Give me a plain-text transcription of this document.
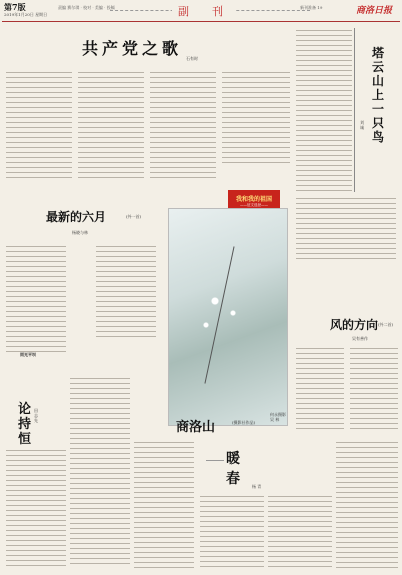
第7版
2019年1月20日 星期日
责编 赛尔琪 · 校对 · 美编 · 投稿	副　刊	新刊准备 19	商洛日报
共产党之歌
石有时
我和我的祖国
——征文选登——
塔云山上一只鸟
刘 诚
最新的六月	(外一首)
杨晓与林
商洛山	(摄影社作品)
何永摄影
吴 林
风的方向 (外二首)
吴有善作
雨光平坝
论持恒
田志先
暖 春 杨 青
